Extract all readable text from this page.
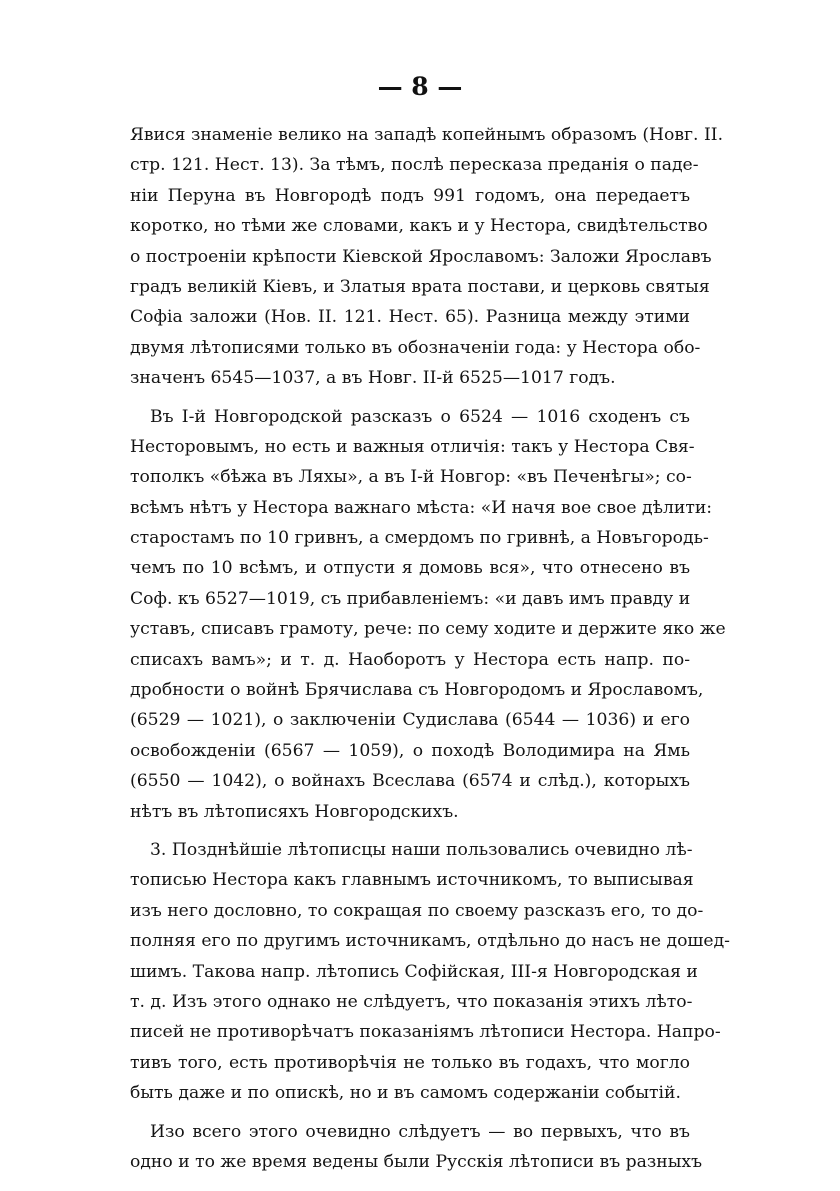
— 8 —
Явися знаменіе велико на западѣ копейнымъ образомъ (Новг. II.
стр. 121. Нест. 13). За тѣмъ, послѣ пересказа преданія о паде-
ніи Перуна въ Новгородѣ подъ 991 годомъ, она передаетъ
коротко, но тѣми же словами, какъ и у Нестора, свидѣтельство
о построеніи крѣпости Кіевской Ярославомъ: Заложи Ярославъ
градъ великій Кіевъ, и Златыя врата постави, и церковь святыя
Софіа заложи (Нов. II. 121. Нест. 65). Разница между этими
двумя лѣтописями только въ обозначеніи года: у Нестора обо-
значенъ 6545—1037, а въ Новг. II-й 6525—1017 годъ.
Въ I-й Новгородской разсказъ о 6524 — 1016 сходенъ съ
Несторовымъ, но есть и важныя отличія: такъ у Нестора Свя-
тополкъ «бѣжа въ Ляхы», а въ I-й Новгор: «въ Печенѣгы»; со-
всѣмъ нѣтъ у Нестора важнаго мѣста: «И начя вое свое дѣлити:
старостамъ по 10 гривнъ, а смердомъ по гривнѣ, а Новъгородь-
чемъ по 10 всѣмъ, и отпусти я домовь вся», что отнесено въ
Соф. къ 6527—1019, съ прибавленіемъ: «и давъ имъ правду и
уставъ, списавъ грамоту, рече: по сему ходите и держите яко же
списахъ вамъ»; и т. д. Наоборотъ у Нестора есть напр. по-
дробности о войнѣ Брячислава съ Новгородомъ и Ярославомъ,
(6529 — 1021), о заключеніи Судислава (6544 — 1036) и его
освобожденіи (6567 — 1059), о походѣ Володимира на Ямь
(6550 — 1042), о войнахъ Всеслава (6574 и слѣд.), которыхъ
нѣтъ въ лѣтописяхъ Новгородскихъ.
3. Позднѣйшіе лѣтописцы наши пользовались очевидно лѣ-
тописью Нестора какъ главнымъ источникомъ, то выписывая
изъ него дословно, то сокращая по своему разсказъ его, то до-
полняя его по другимъ источникамъ, отдѣльно до насъ не дошед-
шимъ. Такова напр. лѣтопись Софійская, III-я Новгородская и
т. д. Изъ этого однако не слѣдуетъ, что показанія этихъ лѣто-
писей не противорѣчатъ показаніямъ лѣтописи Нестора. Напро-
тивъ того, есть противорѣчія не только въ годахъ, что могло
быть даже и по опискѣ, но и въ самомъ содержаніи событій.
Изо всего этого очевидно слѣдуетъ — во первыхъ, что въ
одно и то же время ведены были Русскія лѣтописи въ разныхъ
